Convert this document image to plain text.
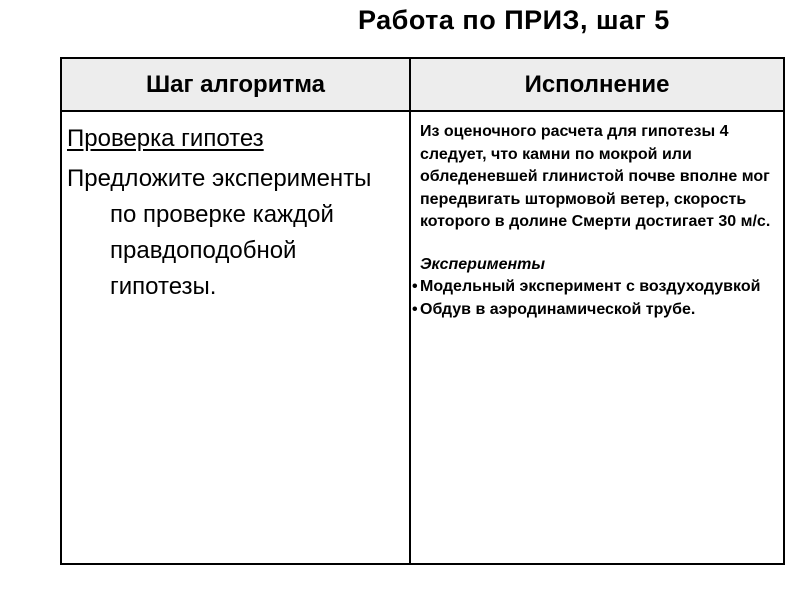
Работа по ПРИЗ, шаг 5
Шаг алгоритма	Исполнение
Проверка гипотез
Предложите эксперименты по проверке каждой правдоподобной гипотезы.
Из оценочного расчета для гипотезы 4 следует, что камни по мокрой или обледеневшей глинистой почве вполне мог передвигать штормовой ветер, скорость которого в долине Смерти достигает 30 м/с.
Эксперименты
• Модельный эксперимент с воздуходувкой
• Обдув в аэродинамической трубе.
